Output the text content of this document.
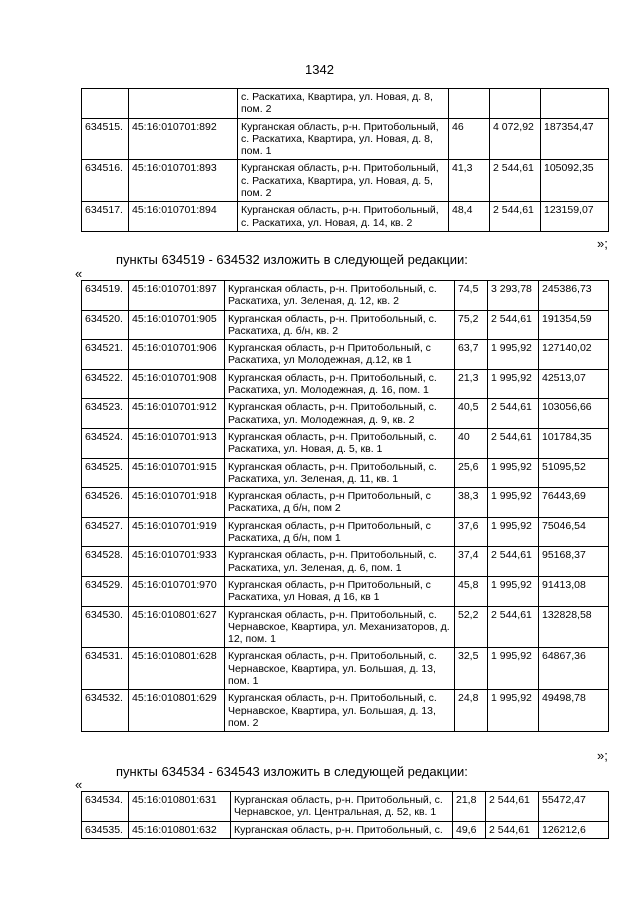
1342
		с. Раскатиха, Квартира, ул. Новая, д. 8, пом. 2			
634515.	45:16:010701:892	Курганская область, р-н. Притобольный, с. Раскатиха, Квартира, ул. Новая, д. 8, пом. 1	46	4 072,92	187354,47
634516.	45:16:010701:893	Курганская область, р-н. Притобольный, с. Раскатиха, Квартира, ул. Новая, д. 5, пом. 2	41,3	2 544,61	105092,35
634517.	45:16:010701:894	Курганская область, р-н. Притобольный, с. Раскатиха, ул. Новая, д. 14, кв. 2	48,4	2 544,61	123159,07
»;
пункты 634519 - 634532 изложить в следующей редакции:
«
634519.	45:16:010701:897	Курганская область, р-н. Притобольный, с. Раскатиха, ул. Зеленая, д. 12, кв. 2	74,5	3 293,78	245386,73
634520.	45:16:010701:905	Курганская область, р-н. Притобольный, с. Раскатиха, д. б/н, кв. 2	75,2	2 544,61	191354,59
634521.	45:16:010701:906	Курганская область, р-н Притобольный, с Раскатиха, ул Молодежная, д.12, кв 1	63,7	1 995,92	127140,02
634522.	45:16:010701:908	Курганская область, р-н. Притобольный, с. Раскатиха, ул. Молодежная, д. 16, пом. 1	21,3	1 995,92	42513,07
634523.	45:16:010701:912	Курганская область, р-н. Притобольный, с. Раскатиха, ул. Молодежная, д. 9, кв. 2	40,5	2 544,61	103056,66
634524.	45:16:010701:913	Курганская область, р-н. Притобольный, с. Раскатиха, ул. Новая, д. 5, кв. 1	40	2 544,61	101784,35
634525.	45:16:010701:915	Курганская область, р-н. Притобольный, с. Раскатиха, ул. Зеленая, д. 11, кв. 1	25,6	1 995,92	51095,52
634526.	45:16:010701:918	Курганская область, р-н Притобольный, с Раскатиха, д б/н, пом 2	38,3	1 995,92	76443,69
634527.	45:16:010701:919	Курганская область, р-н Притобольный, с Раскатиха, д б/н, пом 1	37,6	1 995,92	75046,54
634528.	45:16:010701:933	Курганская область, р-н. Притобольный, с. Раскатиха, ул. Зеленая, д. 6, пом. 1	37,4	2 544,61	95168,37
634529.	45:16:010701:970	Курганская область, р-н Притобольный, с Раскатиха, ул Новая, д 16, кв 1	45,8	1 995,92	91413,08
634530.	45:16:010801:627	Курганская область, р-н. Притобольный, с. Чернавское, Квартира, ул. Механизаторов, д. 12, пом. 1	52,2	2 544,61	132828,58
634531.	45:16:010801:628	Курганская область, р-н. Притобольный, с. Чернавское, Квартира, ул. Большая, д. 13, пом. 1	32,5	1 995,92	64867,36
634532.	45:16:010801:629	Курганская область, р-н. Притобольный, с. Чернавское, Квартира, ул. Большая, д. 13, пом. 2	24,8	1 995,92	49498,78
»;
пункты 634534 - 634543 изложить в следующей редакции:
«
634534.	45:16:010801:631	Курганская область, р-н. Притобольный, с. Чернавское, ул. Центральная, д. 52, кв. 1	21,8	2 544,61	55472,47
634535.	45:16:010801:632	Курганская область, р-н. Притобольный, с.	49,6	2 544,61	126212,6
